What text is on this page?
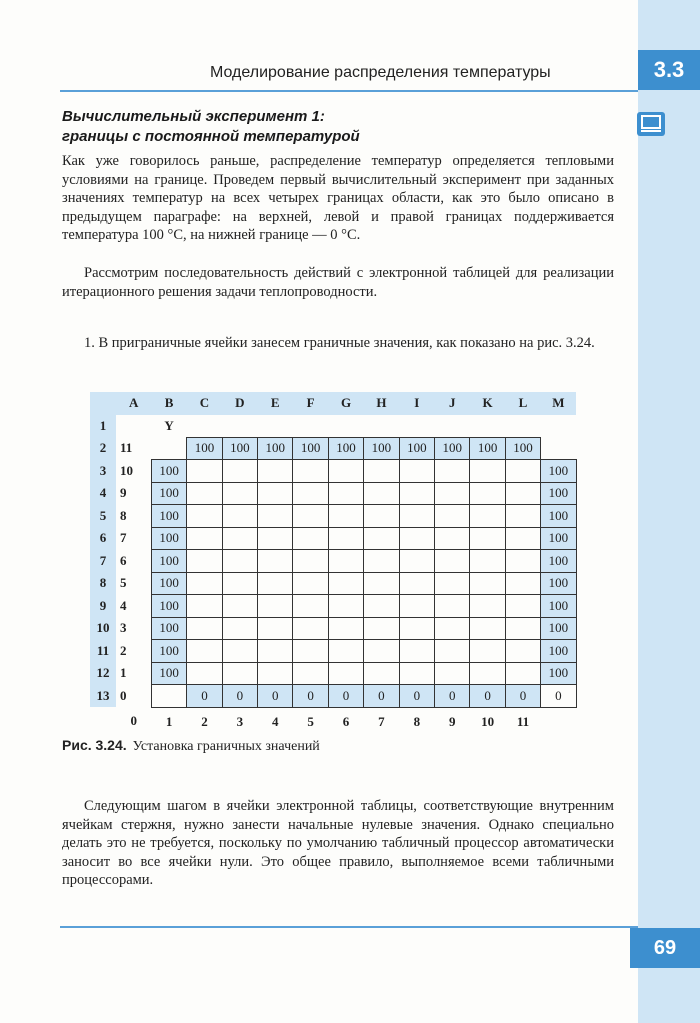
3.3
Моделирование распределения температуры
Вычислительный эксперимент 1:
границы с постоянной температурой

Как уже говорилось раньше, распределение температур определяется тепловыми условиями на границе. Проведем первый вычислительный эксперимент при заданных значениях температур на всех четырех границах области, как это было описано в предыдущем параграфе: на верхней, левой и правой границах поддерживается температура 100 °C, на нижней границе — 0 °C.

Рассмотрим последовательность действий с электронной таблицей для реализации итерационного решения задачи теплопроводности.

1. В приграничные ячейки занесем граничные значения, как показано на рис. 3.24.

	A	B	C	D	E	F	G	H	I	J	K	L	M
1		Y											
2	11		100	100	100	100	100	100	100	100	100	100	
3	10	100											100
4	9	100											100
5	8	100											100
6	7	100											100
7	6	100											100
8	5	100											100
9	4	100											100
10	3	100											100
11	2	100											100
12	1	100											100
13	0		0	0	0	0	0	0	0	0	0	0	0
	0	1	2	3	4	5	6	7	8	9	10	11	
Рис. 3.24. Установка граничных значений

Следующим шагом в ячейки электронной таблицы, соответствующие внутренним ячейкам стержня, нужно занести начальные нулевые значения. Однако специально делать это не требуется, поскольку по умолчанию табличный процессор автоматически заносит во все ячейки нули. Это общее правило, выполняемое всеми табличными процессорами.

69
